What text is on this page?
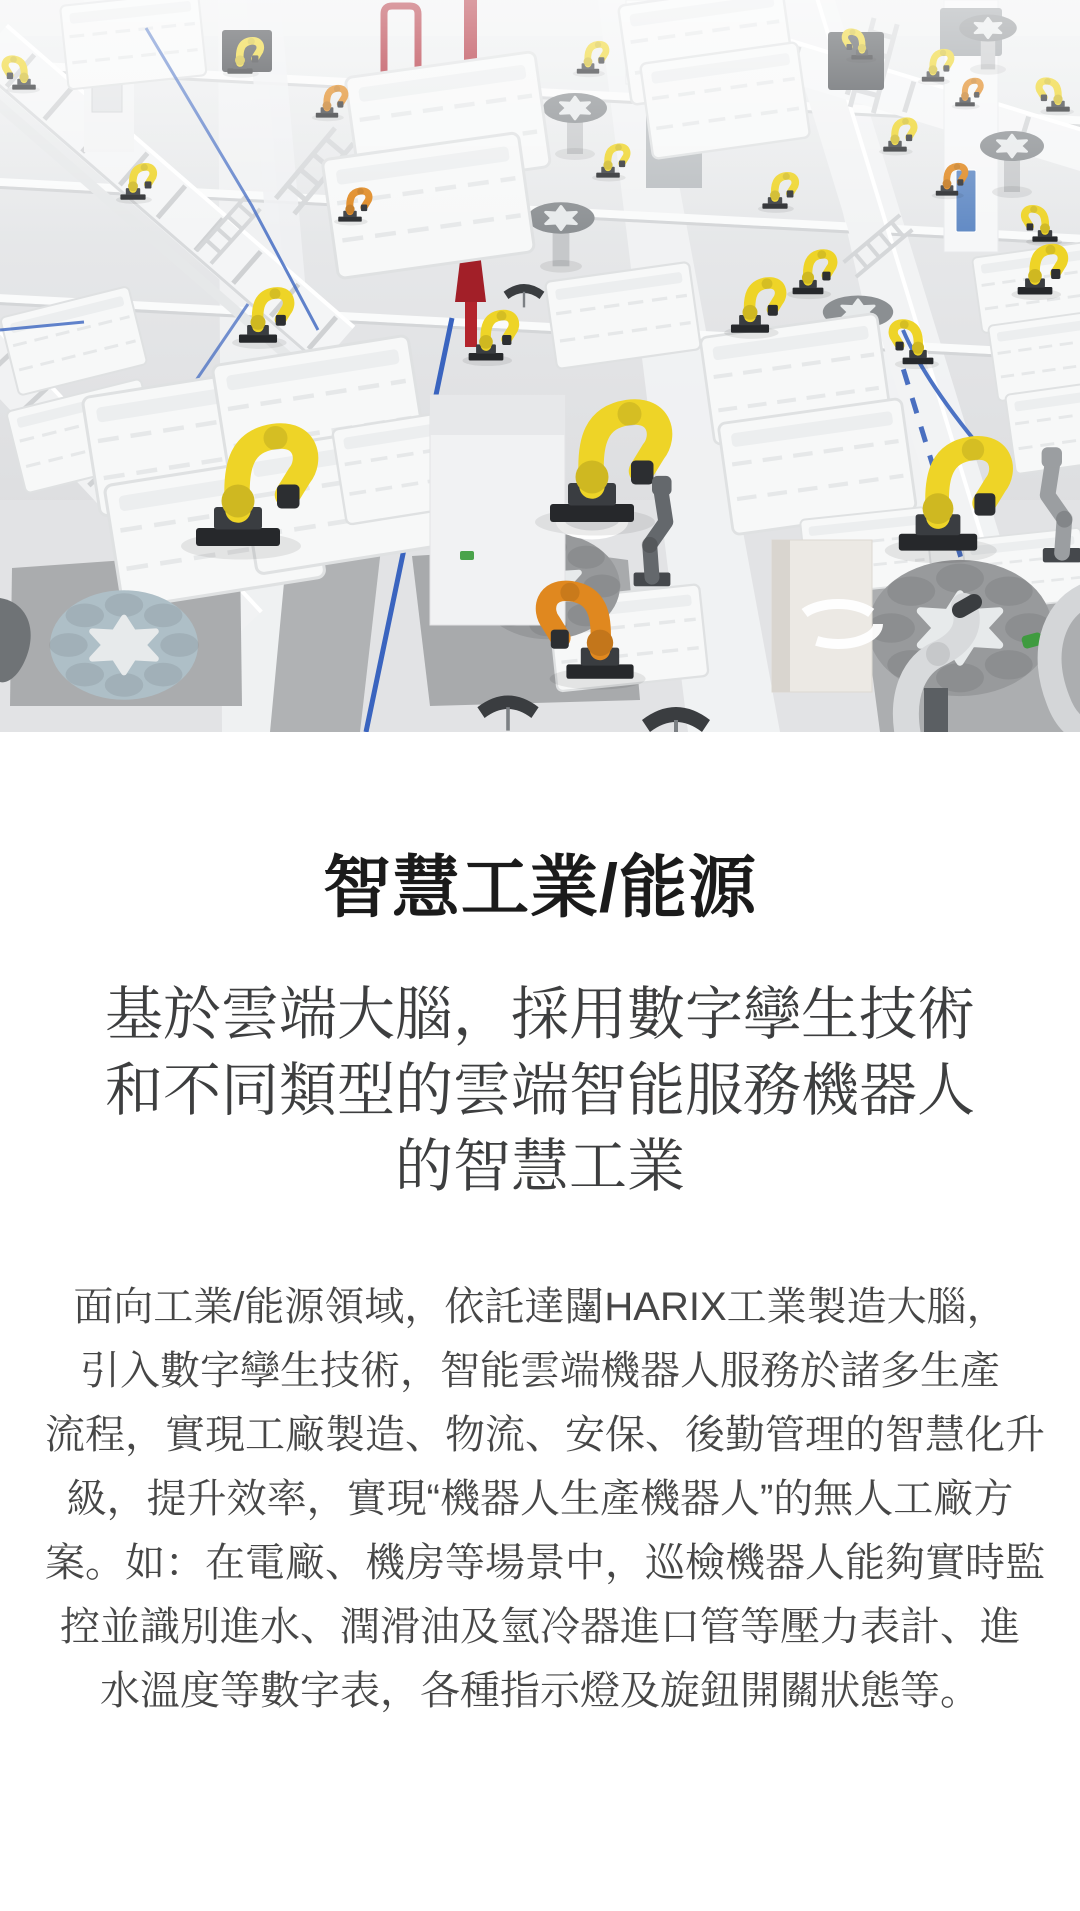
智慧工業/能源
基於雲端大腦，採用數字孿生技術
和不同類型的雲端智能服務機器人
的智慧工業
面向工業/能源領域，依託達闥HARIX工業製造大腦，
引入數字孿生技術，智能雲端機器人服務於諸多生產
流程，實現工廠製造、物流、安保、後勤管理的智慧化升
級，提升效率，實現“機器人生產機器人”的無人工廠方
案。如：在電廠、機房等場景中，巡檢機器人能夠實時監
控並識別進水、潤滑油及氫冷器進口管等壓力表計、進
水溫度等數字表，各種指示燈及旋鈕開關狀態等。
